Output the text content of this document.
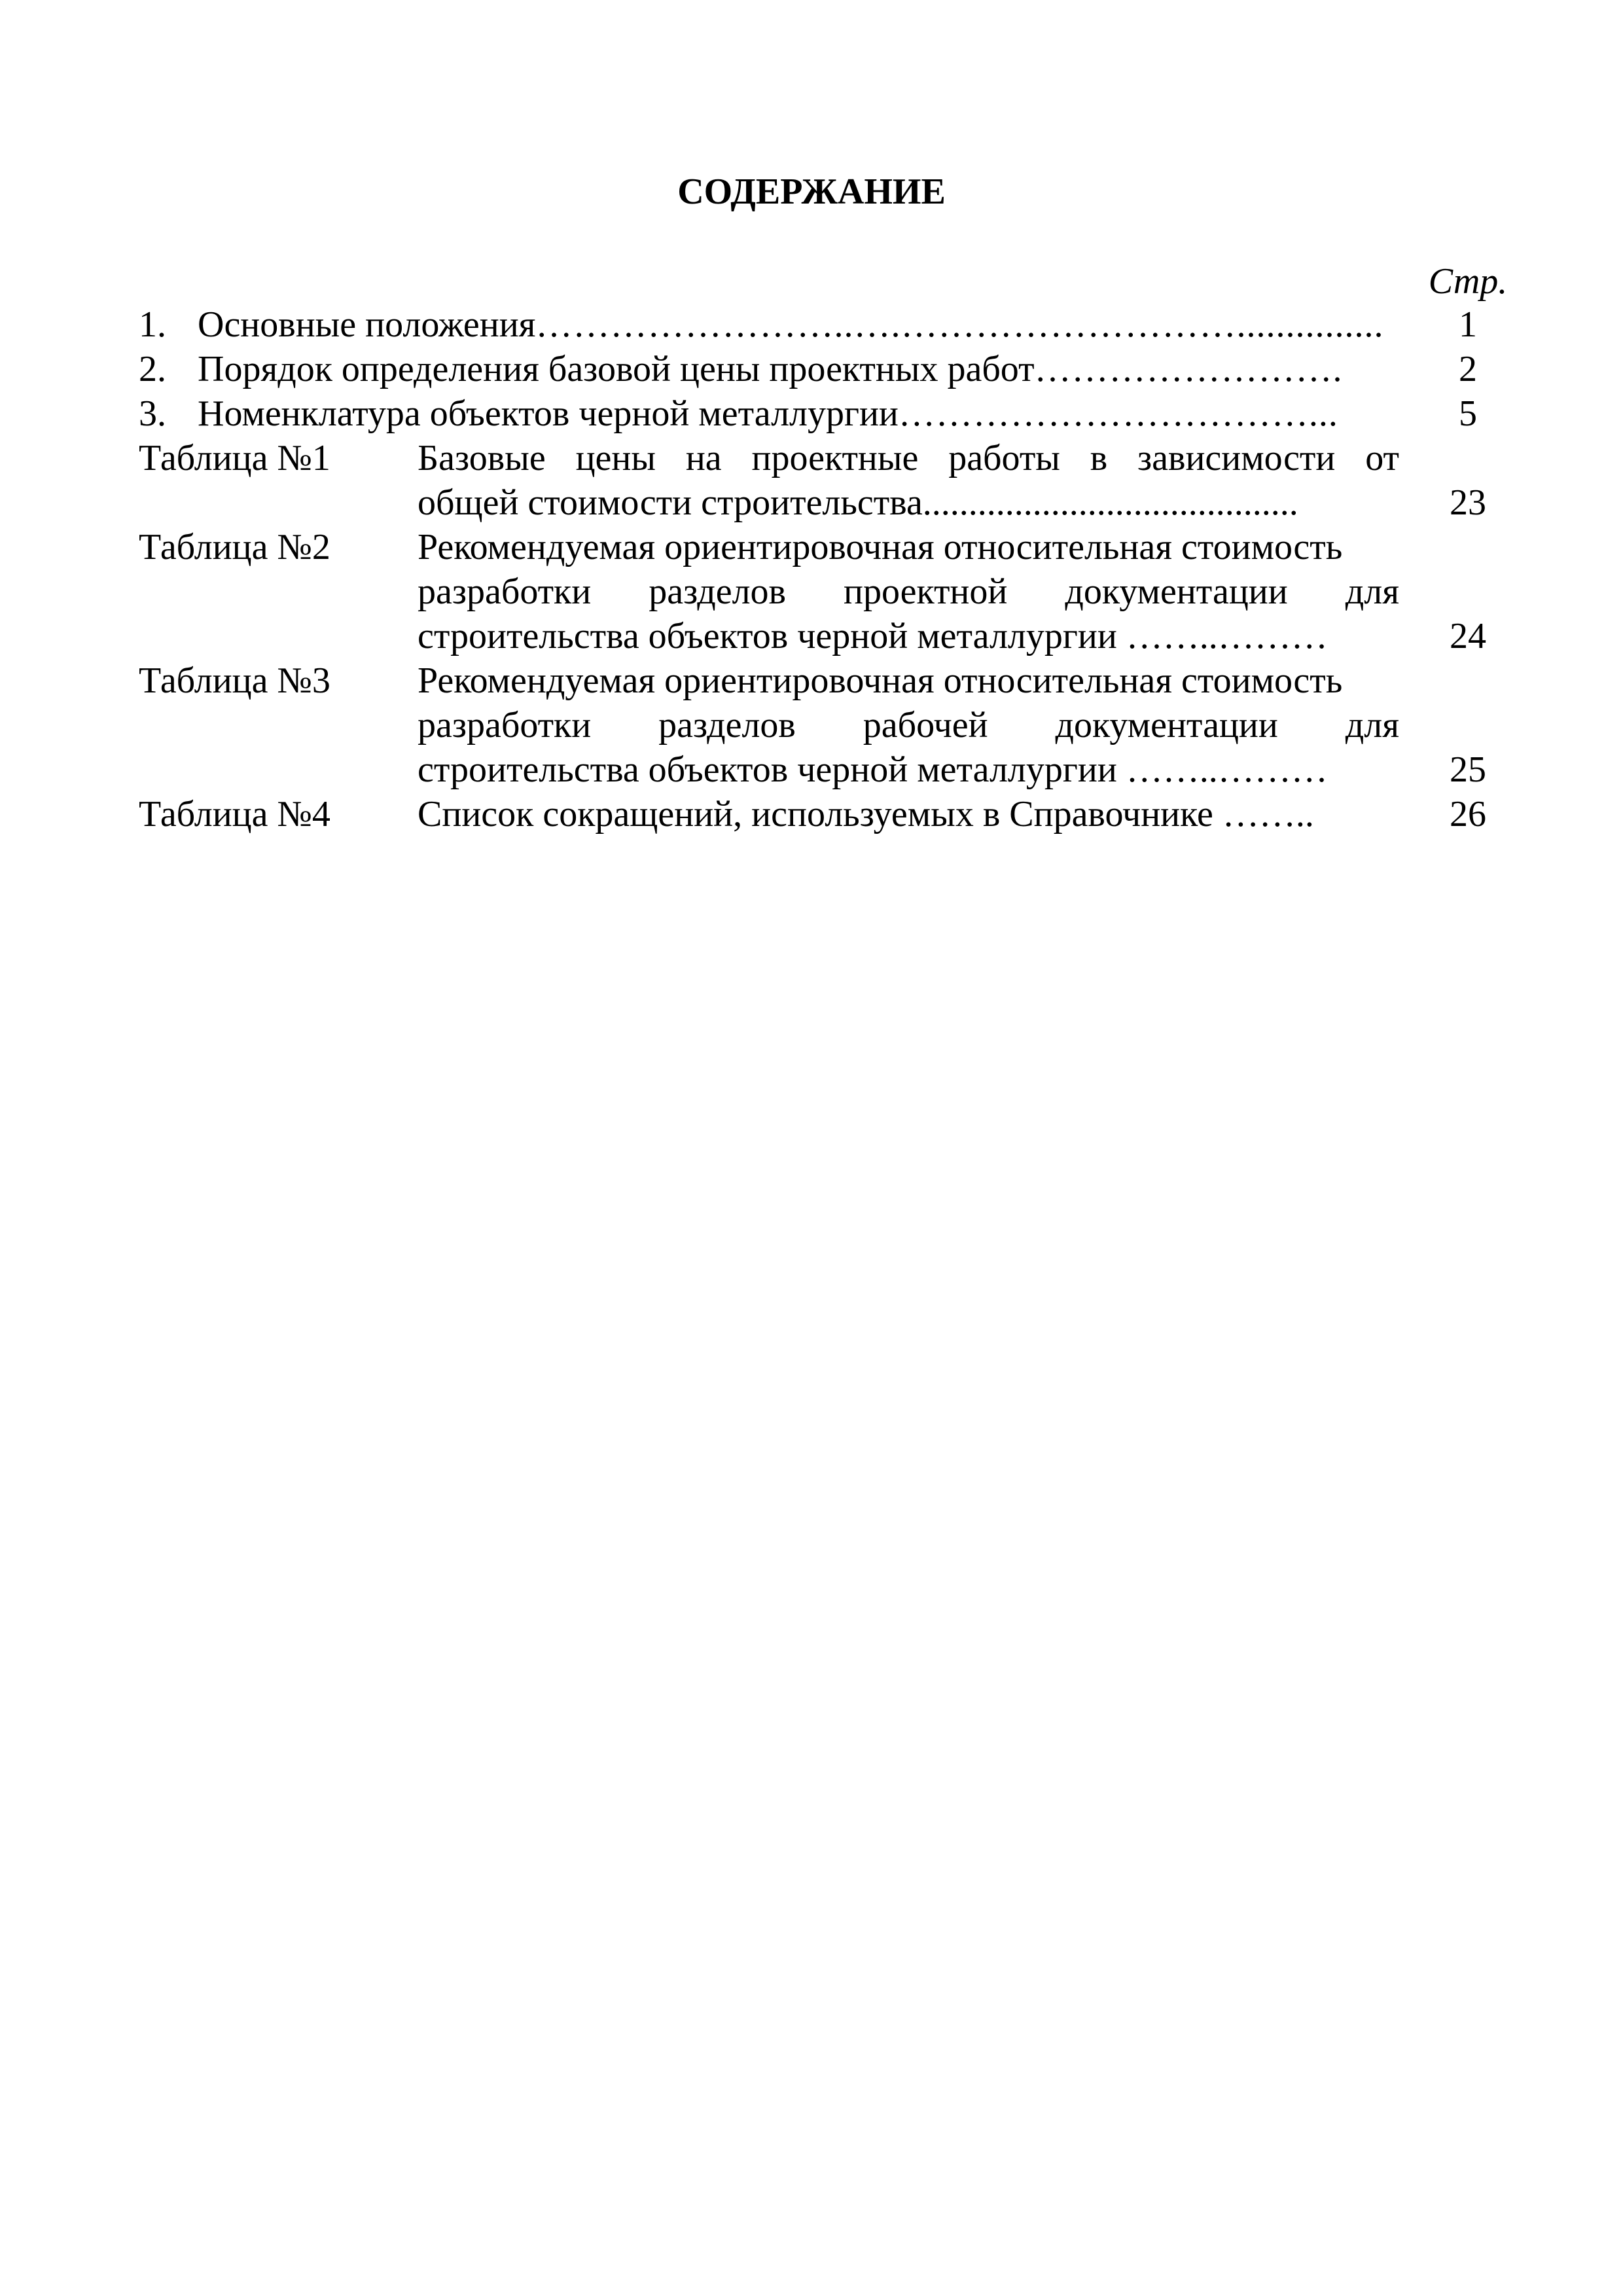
СОДЕРЖАНИЕ
Стр.
1. Основные положения……………………..….………………………...............	1
2. Порядок определения базовой цены проектных работ…………………….	2
3. Номенклатура объектов черной металлургии……………………………...	5
Таблица №1	Базовые цены на проектные работы в зависимости от
общей стоимости строительства.........................................	23
Таблица №2	Рекомендуемая ориентировочная относительная стоимость
разработки разделов проектной документации для
строительства объектов черной металлургии ……..………	24
Таблица №3	Рекомендуемая ориентировочная относительная стоимость
разработки разделов рабочей документации для
строительства объектов черной металлургии ……..………	25
Таблица №4	Список сокращений, используемых в Справочнике ……..	26
